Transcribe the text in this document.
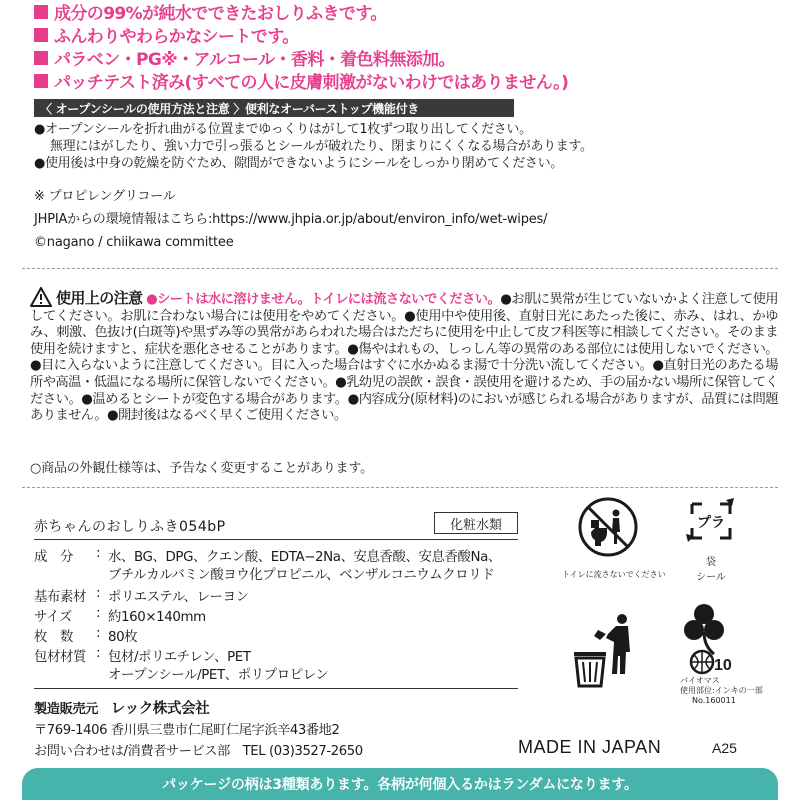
成分の99%が純水でできたおしりふきです。
ふんわりやわらかなシートです。
パラベン・PG※・アルコール・香料・着色料無添加。
パッチテスト済み(すべての人に皮膚刺激がないわけではありません。)
〈 オープンシールの使用方法と注意 〉便利なオーバーストップ機能付き
●オープンシールを折れ曲がる位置までゆっくりはがして1枚ずつ取り出してください。
無理にはがしたり、強い力で引っ張るとシールが破れたり、閉まりにくくなる場合があります。
●使用後は中身の乾燥を防ぐため、隙間ができないようにシールをしっかり閉めてください。
※ プロピレングリコール
JHPIAからの環境情報はこちら:https://www.jhpia.or.jp/about/environ_info/wet-wipes/
©nagano / chiikawa committee
使用上の注意 ●シートは水に溶けません。トイレには流さないでください。●お肌に異常が生じていないかよく注意して使用してください。お肌に合わない場合には使用をやめてください。●使用中や使用後、直射日光にあたった後に、赤み、はれ、かゆみ、刺激、色抜け(白斑等)や黒ずみ等の異常があらわれた場合はただちに使用を中止して皮フ科医等に相談してください。そのまま使用を続けますと、症状を悪化させることがあります。●傷やはれもの、しっしん等の異常のある部位には使用しないでください。●目に入らないように注意してください。目に入った場合はすぐに水かぬるま湯で十分洗い流してください。●直射日光のあたる場所や高温・低温になる場所に保管しないでください。●乳幼児の誤飲・誤食・誤使用を避けるため、手の届かない場所に保管してください。●温めるとシートが変色する場合があります。●内容成分(原材料)のにおいが感じられる場合がありますが、品質には問題ありません。●開封後はなるべく早くご使用ください。
○商品の外観仕様等は、予告なく変更することがあります。
赤ちゃんのおしりふき054bP	化粧水類
成　分	: 水、BG、DPG、クエン酸、EDTA−2Na、安息香酸、安息香酸Na、
ブチルカルバミン酸ヨウ化プロピニル、ベンザルコニウムクロリド
基布素材 : ポリエステル、レーヨン
サイズ	: 約160×140mm
枚　数	: 80枚
包材材質 : 包材/ポリエチレン、PET
オープンシール/PET、ポリプロピレン
製造販売元　 レック株式会社
〒769-1406 香川県三豊市仁尾町仁尾字浜辛43番地2
お問い合わせは/消費者サービス部　 TEL (03)3527-2650
トイレに流さないでください
プラ
袋
シール
10
バイオマス
使用部位:インキの一部
No.160011
MADE IN JAPAN	A25
パッケージの柄は3種類あります。各柄が何個入るかはランダムになります。
